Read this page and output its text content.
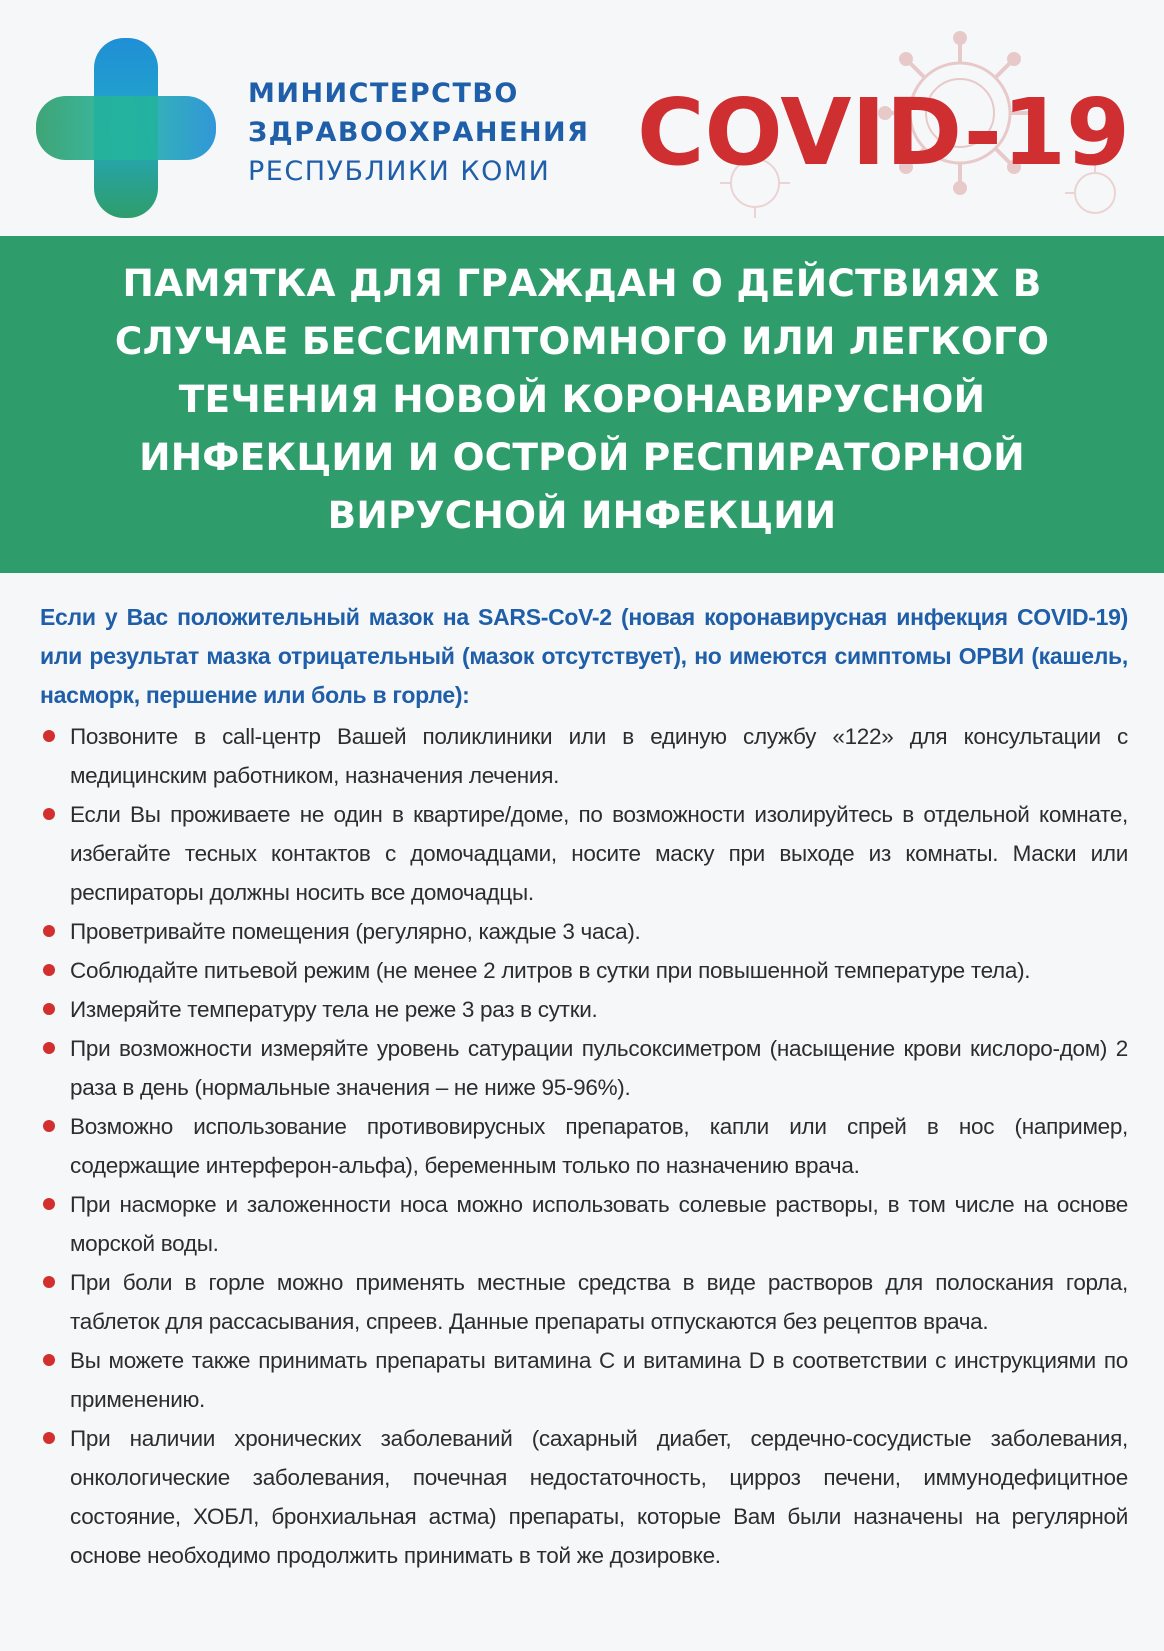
МИНИСТЕРСТВО
ЗДРАВООХРАНЕНИЯ
РЕСПУБЛИКИ КОМИ COVID-19
ПАМЯТКА ДЛЯ ГРАЖДАН О ДЕЙСТВИЯХ В СЛУЧАЕ БЕССИМПТОМНОГО ИЛИ ЛЕГКОГО ТЕЧЕНИЯ НОВОЙ КОРОНАВИРУСНОЙ ИНФЕКЦИИ И ОСТРОЙ РЕСПИРАТОРНОЙ ВИРУСНОЙ ИНФЕКЦИИ

Если у Вас положительный мазок на SARS-CoV-2 (новая коронавирусная инфекция COVID-19) или результат мазка отрицательный (мазок отсутствует), но имеются симптомы ОРВИ (кашель, насморк, першение или боль в горле):

Позвоните в call-центр Вашей поликлиники или в единую службу «122» для консультации с медицинским работником, назначения лечения.
Если Вы проживаете не один в квартире/доме, по возможности изолируйтесь в отдельной комнате, избегайте тесных контактов с домочадцами, носите маску при выходе из комнаты. Маски или респираторы должны носить все домочадцы.
Проветривайте помещения (регулярно, каждые 3 часа).
Соблюдайте питьевой режим (не менее 2 литров в сутки при повышенной температуре тела).
Измеряйте температуру тела не реже 3 раз в сутки.
При возможности измеряйте уровень сатурации пульсоксиметром (насыщение крови кислоро-дом) 2 раза в день (нормальные значения – не ниже 95-96%).
Возможно использование противовирусных препаратов, капли или спрей в нос (например, содержащие интерферон-альфа), беременным только по назначению врача.
При насморке и заложенности носа можно использовать солевые растворы, в том числе на основе морской воды.
При боли в горле можно применять местные средства в виде растворов для полоскания горла, таблеток для рассасывания, спреев. Данные препараты отпускаются без рецептов врача.
Вы можете также принимать препараты витамина C и витамина D в соответствии с инструкциями по применению.
При наличии хронических заболеваний (сахарный диабет, сердечно-сосудистые заболевания, онкологические заболевания, почечная недостаточность, цирроз печени, иммунодефицитное состояние, ХОБЛ, бронхиальная астма) препараты, которые Вам были назначены на регулярной основе необходимо продолжить принимать в той же дозировке.
